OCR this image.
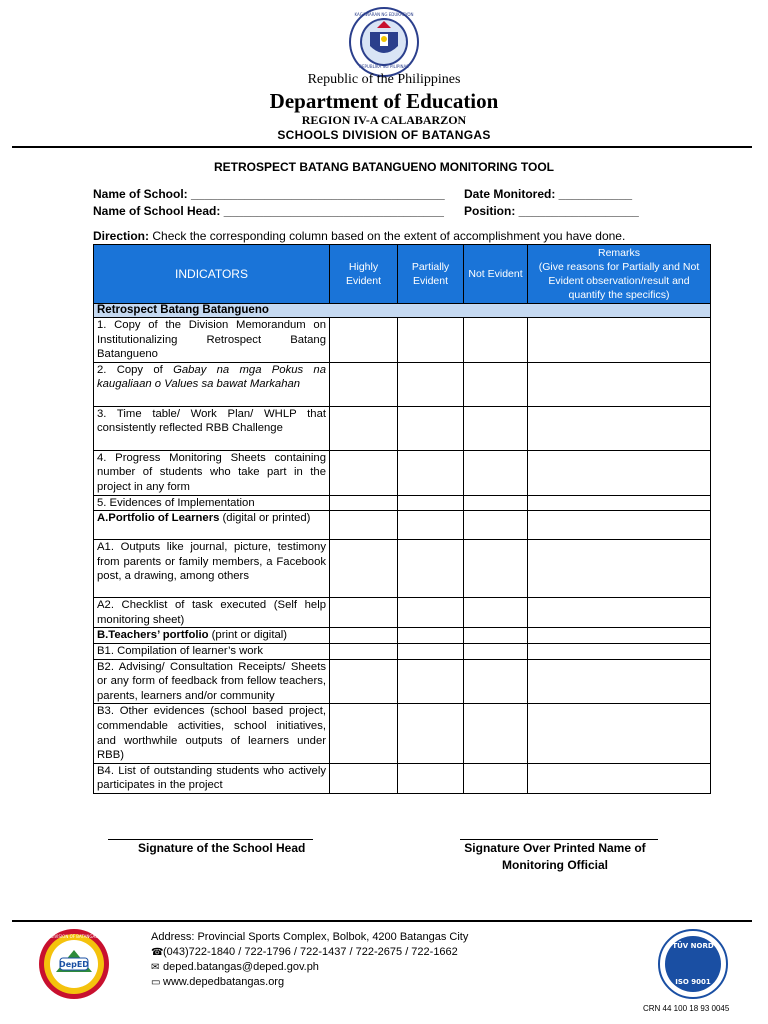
REPUBLIKA NG PILIPINAS
KAGAWARAN NG EDUKASYON
Republic of the Philippines
Department of Education
REGION IV-A CALABARZON
SCHOOLS DIVISION OF BATANGAS
RETROSPECT BATANG BATANGUENO MONITORING TOOL
Name of School: ______________________________________ Date Monitored: ___________
Name of School Head: _________________________________ Position: __________________
Direction: Check the corresponding column based on the extent of accomplishment you have done.
INDICATORS	Highly Evident	Partially Evident	Not Evident	Remarks
(Give reasons for Partially and Not Evident observation/result and quantify the specifics)

Retrospect Batang Batangueno				
1. Copy of the Division Memorandum on Institutionalizing Retrospect Batang Batangueno				
2. Copy of Gabay na mga Pokus na kaugaliaan o Values sa bawat Markahan				
3. Time table/ Work Plan/ WHLP that consistently reflected RBB Challenge				
4. Progress Monitoring Sheets containing number of students who take part in the project in any form				
5. Evidences of Implementation				
A.Portfolio of Learners (digital or printed)				
A1. Outputs like journal, picture, testimony from parents or family members, a Facebook post, a drawing, among others				
A2. Checklist of task executed (Self help monitoring sheet)				
B.Teachers’ portfolio (print or digital)				
B1. Compilation of learner’s work				
B2. Advising/ Consultation Receipts/ Sheets or any form of feedback from fellow teachers, parents, learners and/or community				
B3. Other evidences (school based project, commendable activities, school initiatives, and worthwhile outputs of learners under RBB)				
B4. List of outstanding students who actively participates in the project				
Signature of the School Head	Signature Over Printed Name of
Monitoring Official
DepED
DIVISION OF BATANGAS	Address: Provincial Sports Complex, Bolbok, 4200 Batangas City
☎(043)722-1840 / 722-1796 / 722-1437 / 722-2675 / 722-1662
✉ deped.batangas@deped.gov.ph
▭ www.depedbatangas.org
TÜV NORD
ISO 9001
CRN 44 100 18 93 0045
